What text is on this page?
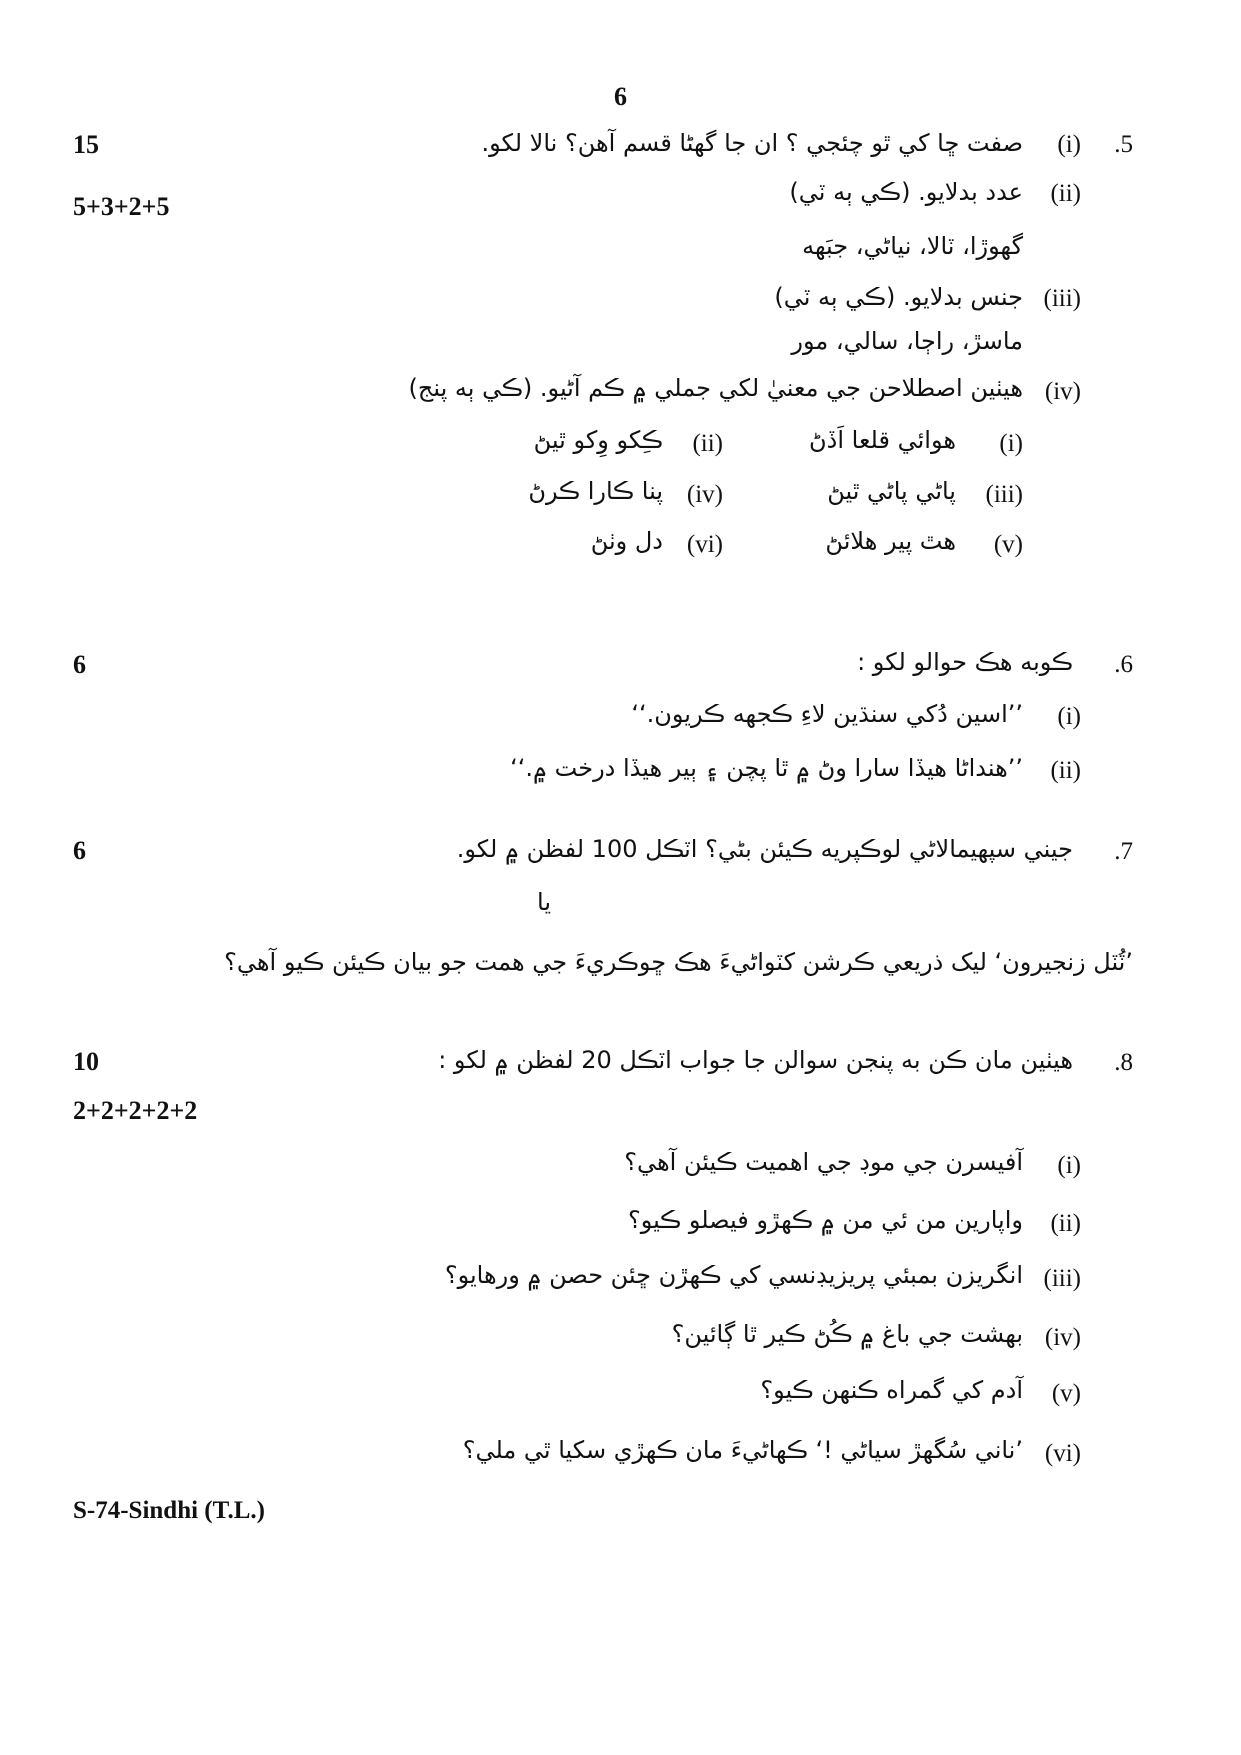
6
15
5+3+2+5
.5
(i)
صفت ڇا کي ٿو چئجي ؟ ان جا گهڻا قسم آهن؟ نالا لکو.
(ii)
عدد بدلايو. (ڪي ٻه ٽي)
گهوڙا، ٽالا، نياڻي، جبَهه
(iii)
جنس بدلايو. (ڪي ٻه ٽي)
ماسڙ، راڄا، سالي، مور
(iv)
هيٺين اصطلاحن جي معنيٰ لکي جملي ۾ ڪم آڻيو. (ڪي ٻه پنج)
(i)
هوائي قلعا اَڏڻ
(ii)
ڪِکو وِکو ٿيڻ
(iii)
پاڻي پاڻي ٿيڻ
(iv)
پنا ڪارا ڪرڻ
(v)
هٿ پير هلائڻ
(vi)
دل وٺڻ
6	.6
ڪوبه هڪ حوالو لکو :
(i)
’’اسين دُکي سنڌين لاءِ ڪجهه ڪريون.‘‘
(ii)
’’هنداڻا هيڏا سارا وڻ ۾ ٿا پچن ۽ ٻير هيڏا درخت ۾.‘‘
6	.7
جيني سپهيمالاڻي لوڪپريه ڪيئن بڻي؟ اٽڪل 100 لفظن ۾ لکو.
يا
’ٽُٽل زنجيرون‘ ليک ذريعي ڪرشن کٽواڻيءَ هڪ ڇوڪريءَ جي همت جو بيان ڪيئن ڪيو آهي؟
10
2+2+2+2+2
.8
هيٺين مان ڪن به پنجن سوالن جا جواب اٽڪل 20 لفظن ۾ لکو :
(i)
آفيسرن جي موڊ جي اهميت ڪيئن آهي؟
(ii)
واپارين من ئي من ۾ ڪهڙو فيصلو ڪيو؟
(iii)
انگريزن بمبئي پريزيڊنسي کي ڪهڙن ڇئن حصن ۾ ورهايو؟
(iv)
بهشت جي باغ ۾ ڪُڻ ڪير ٿا ڳائين؟
(v)
آدم کي گمراه ڪنهن ڪيو؟
(vi)
’ناني سُگهڙ سياڻي !‘ ڪهاڻيءَ مان ڪهڙي سکيا ٿي ملي؟
S-74-Sindhi (T.L.)
